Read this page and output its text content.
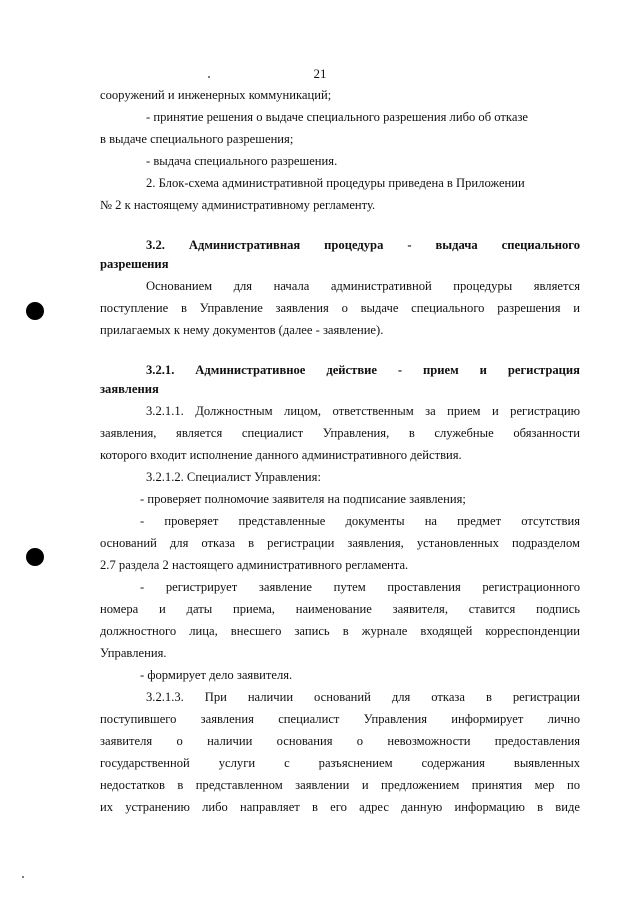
21
сооружений и инженерных коммуникаций;
- принятие решения о выдаче специального разрешения либо об отказе
в выдаче специального разрешения;
- выдача специального разрешения.
2. Блок-схема административной процедуры приведена в Приложении
№ 2 к настоящему административному регламенту.
3.2. Административная процедура - выдача специального
разрешения
Основанием для начала административной процедуры является
поступление в Управление заявления о выдаче специального разрешения и
прилагаемых к нему документов (далее - заявление).
3.2.1. Административное действие - прием и регистрация
заявления
3.2.1.1. Должностным лицом, ответственным за прием и регистрацию
заявления, является специалист Управления, в служебные обязанности
которого входит исполнение данного административного действия.
3.2.1.2. Специалист Управления:
- проверяет полномочие заявителя на подписание заявления;
- проверяет представленные документы на предмет отсутствия
оснований для отказа в регистрации заявления, установленных подразделом
2.7 раздела 2 настоящего административного регламента.
- регистрирует заявление путем проставления регистрационного
номера и даты приема, наименование заявителя, ставится подпись
должностного лица, внесшего запись в журнале входящей корреспонденции
Управления.
- формирует дело заявителя.
3.2.1.3. При наличии оснований для отказа в регистрации
поступившего заявления специалист Управления информирует лично
заявителя о наличии основания о невозможности предоставления
государственной услуги с разъяснением содержания выявленных
недостатков в представленном заявлении и предложением принятия мер по
их устранению либо направляет в его адрес данную информацию в виде
